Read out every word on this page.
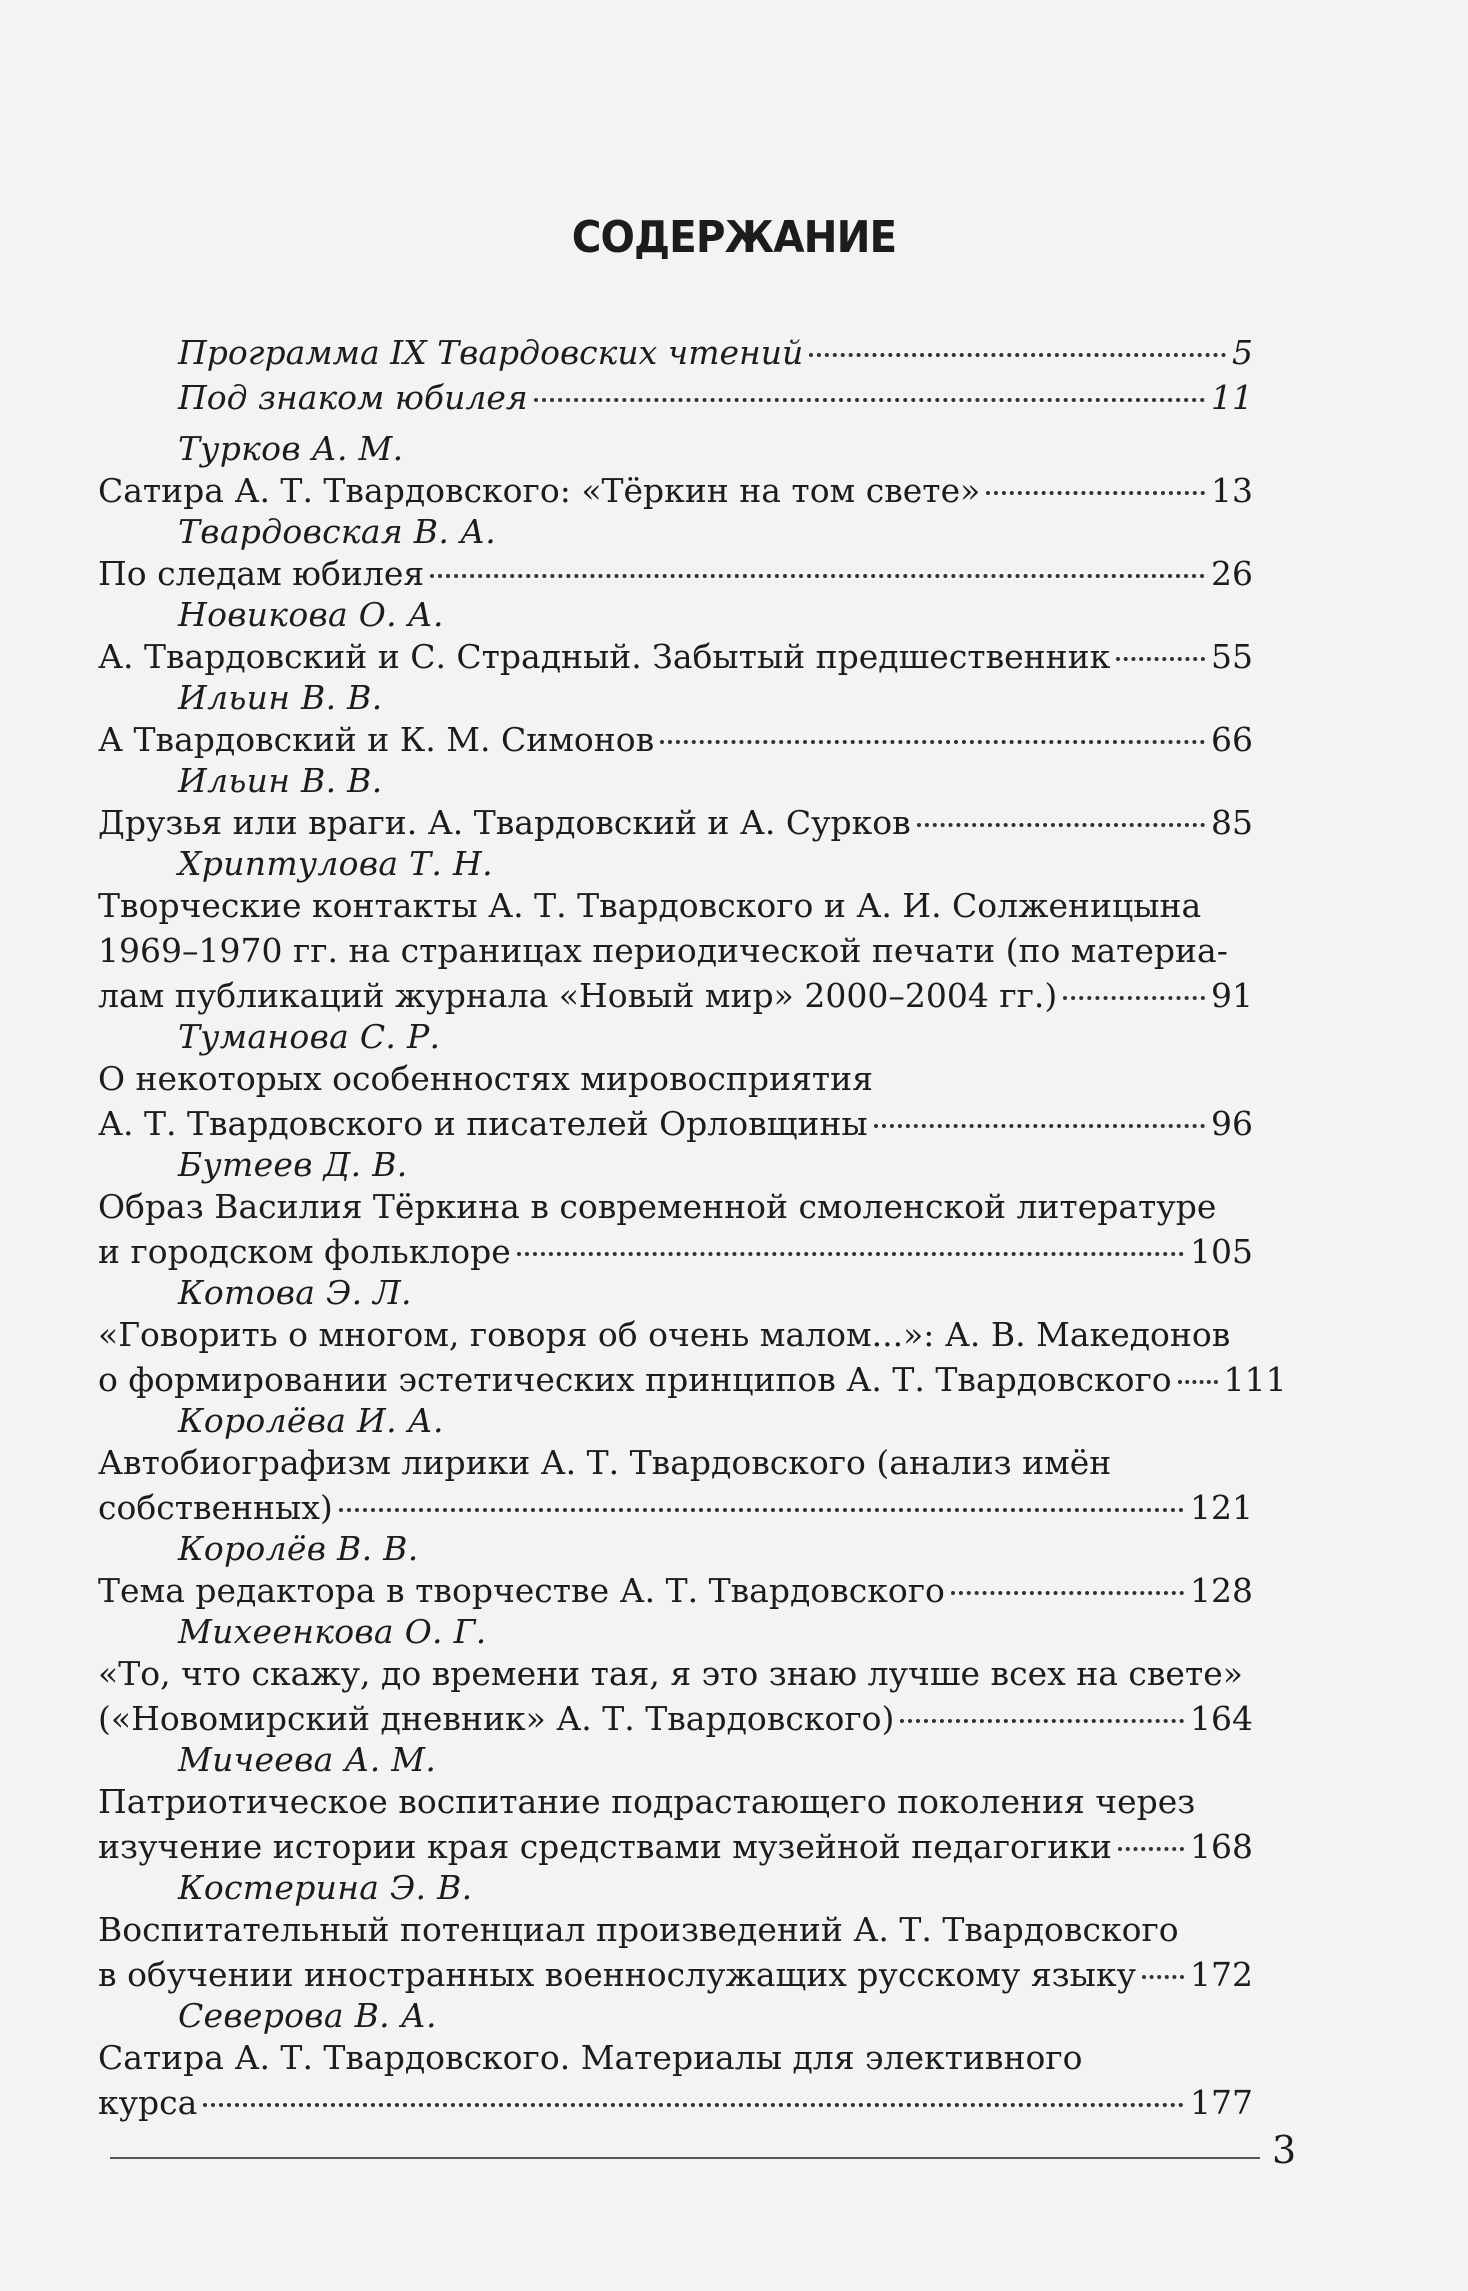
СОДЕРЖАНИЕ
Программа IX Твардовских чтений	5
Под знаком юбилея	11
Турков А. М.
Сатира А. Т. Твардовского: «Тёркин на том свете»	13
Твардовская В. А.
По следам юбилея	26
Новикова О. А.
А. Твардовский и С. Страдный. Забытый предшественник	55
Ильин В. В.
А Твардовский и К. М. Симонов	66
Ильин В. В.
Друзья или враги. А. Твардовский и А. Сурков	85
Хриптулова Т. Н.
Творческие контакты А. Т. Твардовского и А. И. Солженицына
1969–1970 гг. на страницах периодической печати (по материа-
лам публикаций журнала «Новый мир» 2000–2004 гг.)	91
Туманова С. Р.
О некоторых особенностях мировосприятия
А. Т. Твардовского и писателей Орловщины	96
Бутеев Д. В.
Образ Василия Тёркина в современной смоленской литературе
и городском фольклоре	105
Котова Э. Л.
«Говорить о многом, говоря об очень малом...»: А. В. Македонов
о формировании эстетических принципов А. Т. Твардовского 111
Королёва И. А.
Автобиографизм лирики А. Т. Твардовского (анализ имён
собственных)	121
Королёв В. В.
Тема редактора в творчестве А. Т. Твардовского	128
Михеенкова О. Г.
«То, что скажу, до времени тая, я это знаю лучше всех на свете»
(«Новомирский дневник» А. Т. Твардовского)	164
Мичеева А. М.
Патриотическое воспитание подрастающего поколения через
изучение истории края средствами музейной педагогики 168
Костерина Э. В.
Воспитательный потенциал произведений А. Т. Твардовского
в обучении иностранных военнослужащих русскому языку 172
Северова В. А.
Сатира А. Т. Твардовского. Материалы для элективного
курса	177
3
